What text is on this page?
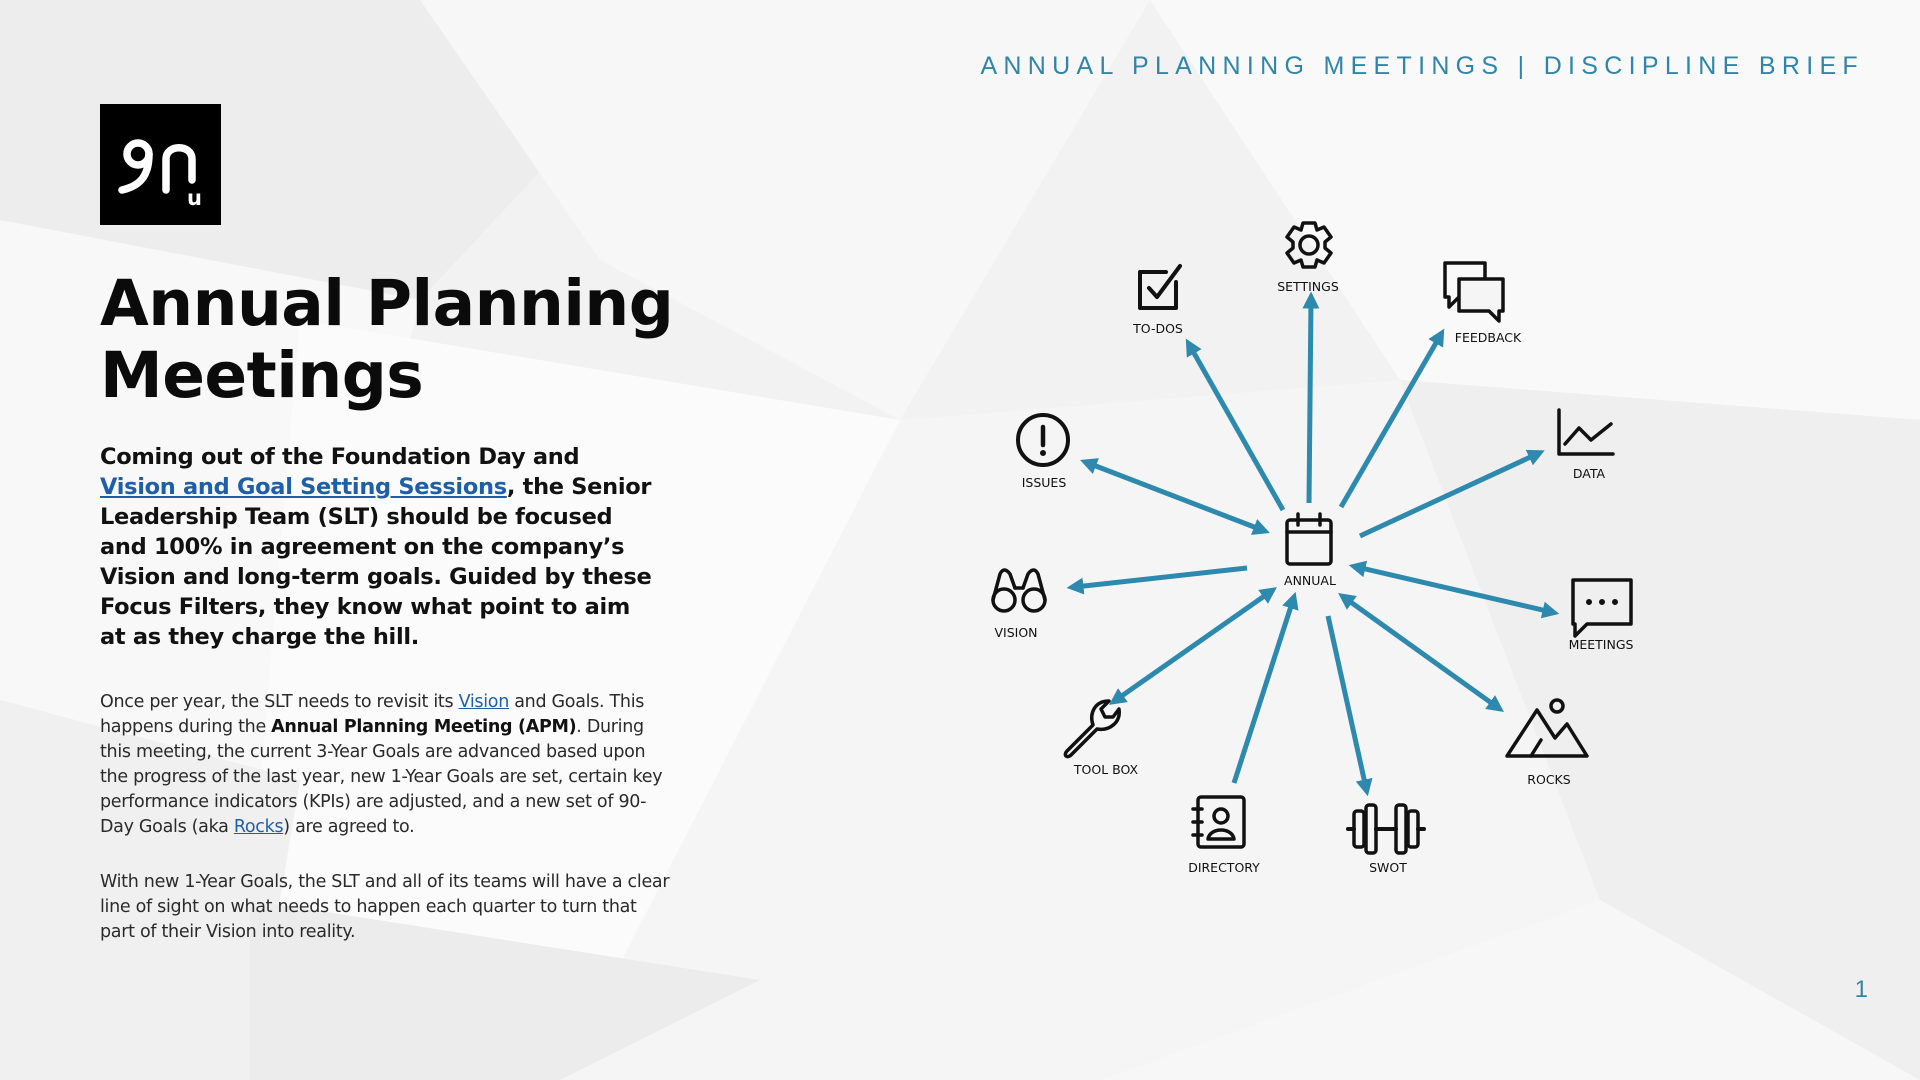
ANNUAL PLANNING MEETINGS | DISCIPLINE BRIEF
u
Annual Planning
Meetings

Coming out of the Foundation Day and Vision and Goal Setting Sessions, the Senior Leadership Team (SLT) should be focused and 100% in agreement on the company’s Vision and long-term goals. Guided by these Focus Filters, they know what point to aim at as they charge the hill.

Once per year, the SLT needs to revisit its Vision and Goals. This happens during the Annual Planning Meeting (APM). During this meeting, the current 3-Year Goals are advanced based upon the progress of the last year, new 1-Year Goals are set, certain key performance indicators (KPIs) are adjusted, and a new set of 90-Day Goals (aka Rocks) are agreed to.

With new 1-Year Goals, the SLT and all of its teams will have a clear line of sight on what needs to happen each quarter to turn that part of their Vision into reality.

ANNUAL
SETTINGS
TO-DOS
FEEDBACK
ISSUES
DATA
VISION
MEETINGS
TOOL BOX
ROCKS
DIRECTORY	SWOT
1
